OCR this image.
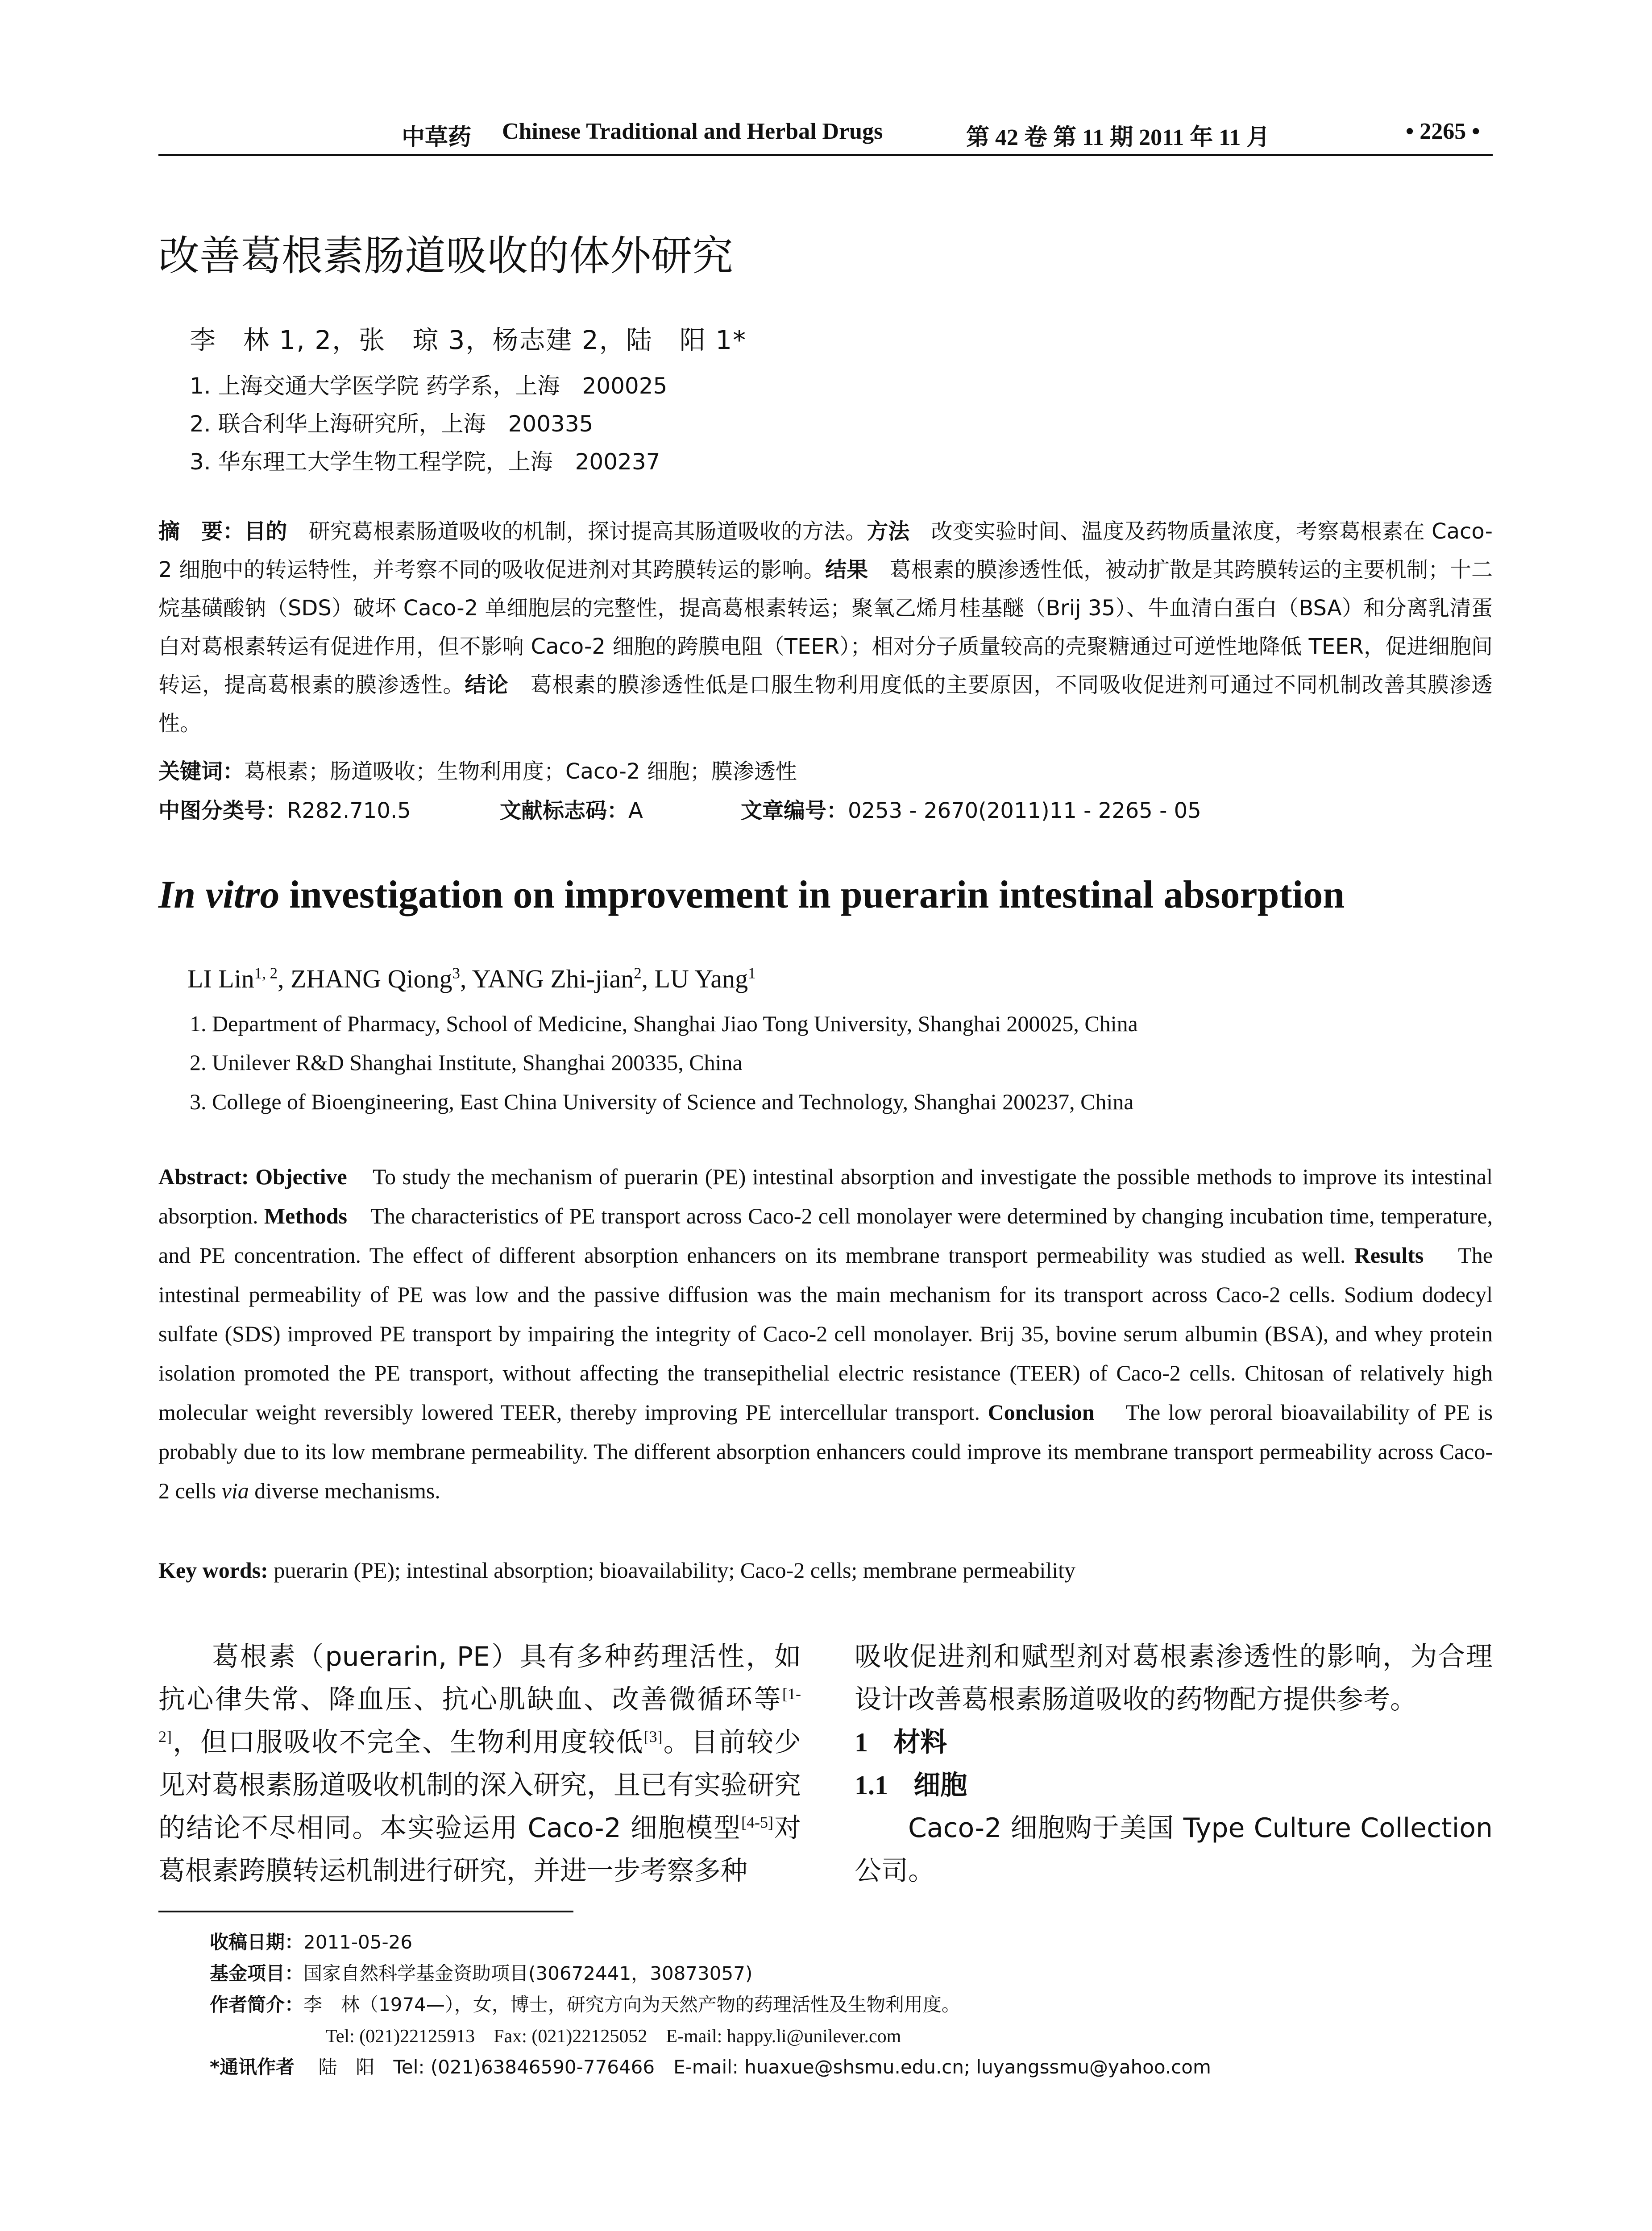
中草药 Chinese Traditional and Herbal Drugs	第 42 卷 第 11 期 2011 年 11 月	• 2265 •
改善葛根素肠道吸收的体外研究
李　林 1, 2，张　琼 3，杨志建 2，陆　阳 1*
1. 上海交通大学医学院 药学系，上海　200025
2. 联合利华上海研究所，上海　200335
3. 华东理工大学生物工程学院，上海　200237
摘　要：目的　研究葛根素肠道吸收的机制，探讨提高其肠道吸收的方法。方法　改变实验时间、温度及药物质量浓度，考察葛根素在 Caco-2 细胞中的转运特性，并考察不同的吸收促进剂对其跨膜转运的影响。结果　葛根素的膜渗透性低，被动扩散是其跨膜转运的主要机制；十二烷基磺酸钠（SDS）破坏 Caco-2 单细胞层的完整性，提高葛根素转运；聚氧乙烯月桂基醚（Brij 35）、牛血清白蛋白（BSA）和分离乳清蛋白对葛根素转运有促进作用，但不影响 Caco-2 细胞的跨膜电阻（TEER）；相对分子质量较高的壳聚糖通过可逆性地降低 TEER，促进细胞间转运，提高葛根素的膜渗透性。结论　葛根素的膜渗透性低是口服生物利用度低的主要原因，不同吸收促进剂可通过不同机制改善其膜渗透性。
关键词：葛根素；肠道吸收；生物利用度；Caco-2 细胞；膜渗透性
中图分类号：R282.710.5	文献标志码：A	文章编号：0253 - 2670(2011)11 - 2265 - 05
In vitro investigation on improvement in puerarin intestinal absorption
LI Lin$^{1, 2}$, ZHANG Qiong$^3$, YANG Zhi-jian$^2$, LU Yang$^1$
1. Department of Pharmacy, School of Medicine, Shanghai Jiao Tong University, Shanghai 200025, China
2. Unilever R&D Shanghai Institute, Shanghai 200335, China
3. College of Bioengineering, East China University of Science and Technology, Shanghai 200237, China
Abstract: Objective To study the mechanism of puerarin (PE) intestinal absorption and investigate the possible methods to improve its intestinal absorption. Methods The characteristics of PE transport across Caco-2 cell monolayer were determined by changing incubation time, temperature, and PE concentration. The effect of different absorption enhancers on its membrane transport permeability was studied as well. Results The intestinal permeability of PE was low and the passive diffusion was the main mechanism for its transport across Caco-2 cells. Sodium dodecyl sulfate (SDS) improved PE transport by impairing the integrity of Caco-2 cell monolayer. Brij 35, bovine serum albumin (BSA), and whey protein isolation promoted the PE transport, without affecting the transepithelial electric resistance (TEER) of Caco-2 cells. Chitosan of relatively high molecular weight reversibly lowered TEER, thereby improving PE intercellular transport. Conclusion The low peroral bioavailability of PE is probably due to its low membrane permeability. The different absorption enhancers could improve its membrane transport permeability across Caco-2 cells via diverse mechanisms.
Key words: puerarin (PE); intestinal absorption; bioavailability; Caco-2 cells; membrane permeability

葛根素（puerarin, PE）具有多种药理活性，如抗心律失常、降血压、抗心肌缺血、改善微循环等[1-2]，但口服吸收不完全、生物利用度较低[3]。目前较少见对葛根素肠道吸收机制的深入研究，且已有实验研究的结论不尽相同。本实验运用 Caco-2 细胞模型[4-5]对葛根素跨膜转运机制进行研究，并进一步考察多种

吸收促进剂和赋型剂对葛根素渗透性的影响，为合理设计改善葛根素肠道吸收的药物配方提供参考。

1 材料

1.1 细胞

Caco-2 细胞购于美国 Type Culture Collection 公司。

收稿日期：2011-05-26
基金项目：国家自然科学基金资助项目(30672441，30873057)
作者简介：李　林（1974—），女，博士，研究方向为天然产物的药理活性及生物利用度。
Tel: (021)22125913　Fax: (021)22125052　E-mail: happy.li@unilever.com
*通讯作者 陆　阳　Tel: (021)63846590-776466　E-mail: huaxue@shsmu.edu.cn; luyangssmu@yahoo.com
